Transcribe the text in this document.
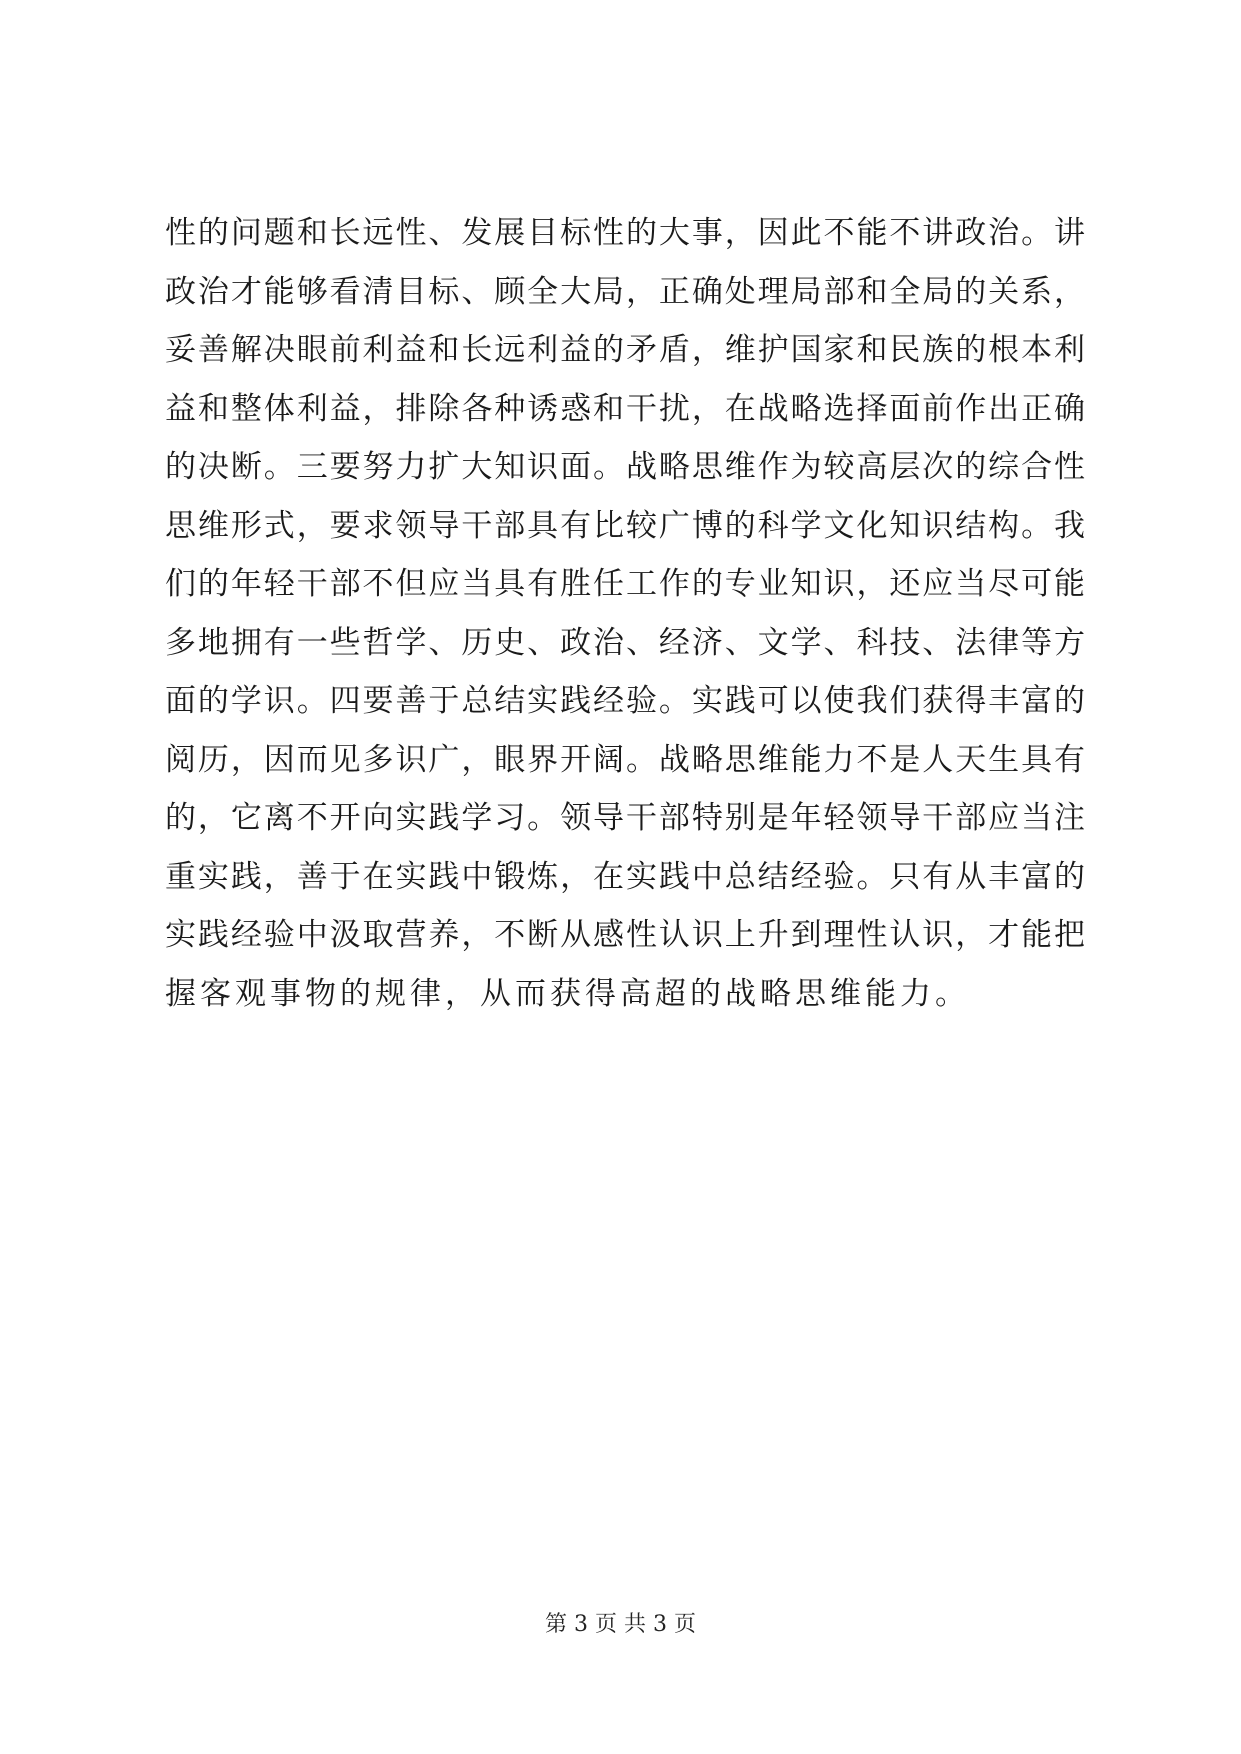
性的问题和长远性、发展目标性的大事，因此不能不讲政治。讲
政治才能够看清目标、顾全大局，正确处理局部和全局的关系，
妥善解决眼前利益和长远利益的矛盾，维护国家和民族的根本利
益和整体利益，排除各种诱惑和干扰，在战略选择面前作出正确
的决断。三要努力扩大知识面。战略思维作为较高层次的综合性
思维形式，要求领导干部具有比较广博的科学文化知识结构。我
们的年轻干部不但应当具有胜任工作的专业知识，还应当尽可能
多地拥有一些哲学、历史、政治、经济、文学、科技、法律等方
面的学识。四要善于总结实践经验。实践可以使我们获得丰富的
阅历，因而见多识广，眼界开阔。战略思维能力不是人天生具有
的，它离不开向实践学习。领导干部特别是年轻领导干部应当注
重实践，善于在实践中锻炼，在实践中总结经验。只有从丰富的
实践经验中汲取营养，不断从感性认识上升到理性认识，才能把
握客观事物的规律，从而获得高超的战略思维能力。
第 3 页 共 3 页
